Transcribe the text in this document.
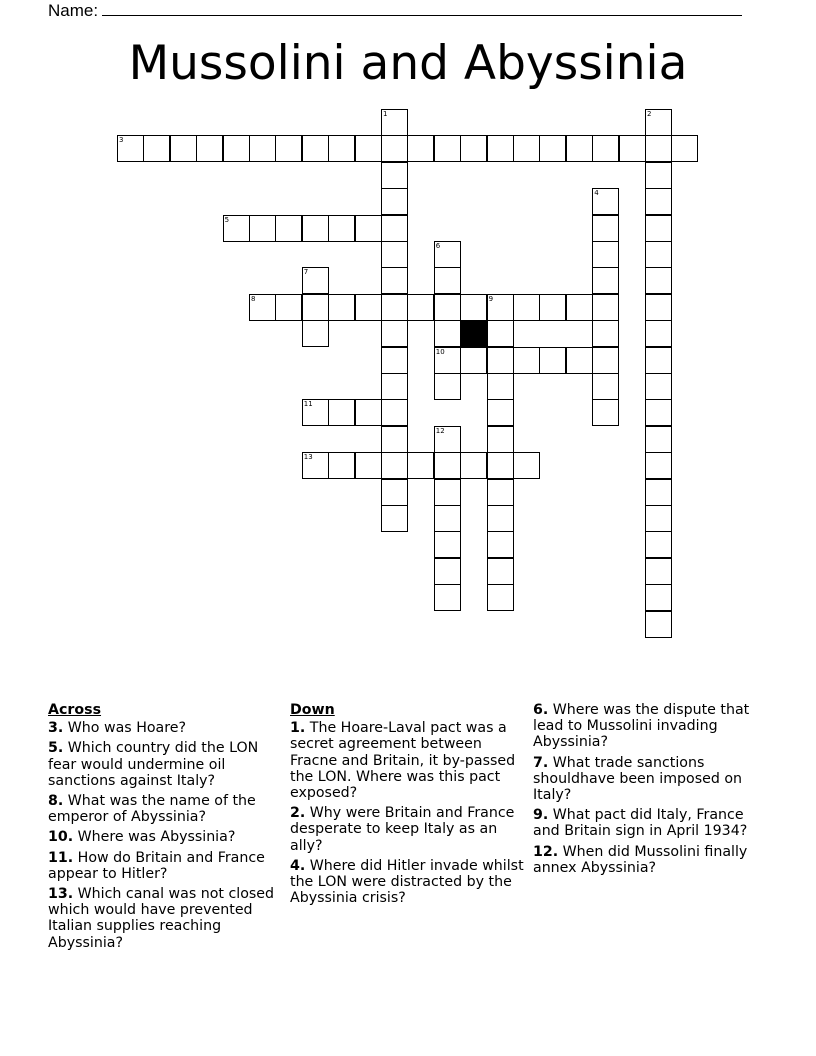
Name:
Mussolini and Abyssinia
1	2
3
4
5
6
10
7
8	9
11
12
13
Across
3. Who was Hoare?
5. Which country did the LON fear would undermine oil sanctions against Italy?
8. What was the name of the emperor of Abyssinia?
10. Where was Abyssinia?
11. How do Britain and France appear to Hitler?
13. Which canal was not closed which would have prevented Italian supplies reaching Abyssinia?
Down
1. The Hoare-Laval pact was a secret agreement between Fracne and Britain, it by-passed the LON. Where was this pact exposed?
2. Why were Britain and France desperate to keep Italy as an ally?
4. Where did Hitler invade whilst the LON were distracted by the Abyssinia crisis?
6. Where was the dispute that lead to Mussolini invading Abyssinia?
7. What trade sanctions shouldhave been imposed on Italy?
9. What pact did Italy, France and Britain sign in April 1934?
12. When did Mussolini finally annex Abyssinia?
